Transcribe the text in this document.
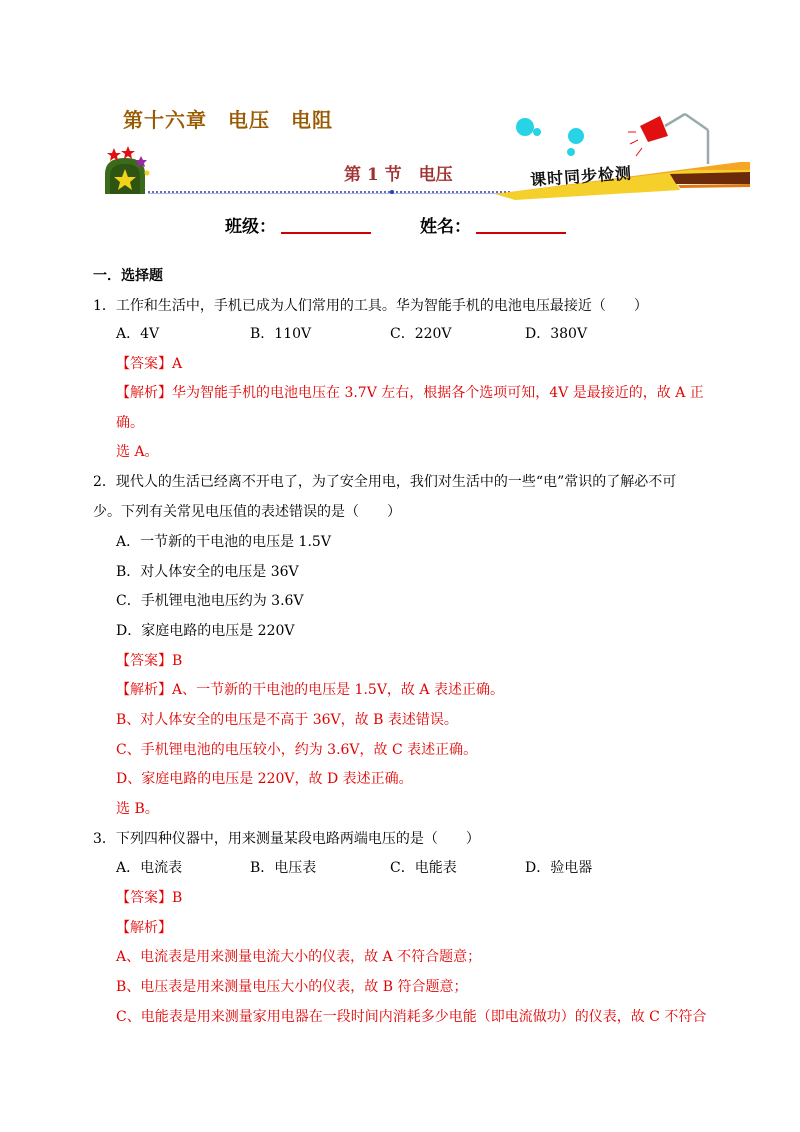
第十六章　电压　电阻
第 1 节　电压	课时同步检测
班级：	姓名：
一．选择题
1．工作和生活中，手机已成为人们常用的工具。华为智能手机的电池电压最接近（　　）
A．4V	B．110V	C．220V	D．380V
【答案】A
【解析】华为智能手机的电池电压在 3.7V 左右，根据各个选项可知，4V 是最接近的，故 A 正
确。
选 A。
2．现代人的生活已经离不开电了，为了安全用电，我们对生活中的一些“电”常识的了解必不可
少。下列有关常见电压值的表述错误的是（　　）
A．一节新的干电池的电压是 1.5V
B．对人体安全的电压是 36V
C．手机锂电池电压约为 3.6V
D．家庭电路的电压是 220V
【答案】B
【解析】A、一节新的干电池的电压是 1.5V，故 A 表述正确。
B、对人体安全的电压是不高于 36V，故 B 表述错误。
C、手机锂电池的电压较小，约为 3.6V，故 C 表述正确。
D、家庭电路的电压是 220V，故 D 表述正确。
选 B。
3．下列四种仪器中，用来测量某段电路两端电压的是（　　）
A．电流表	B．电压表	C．电能表	D．验电器
【答案】B
【解析】
A、电流表是用来测量电流大小的仪表，故 A 不符合题意；
B、电压表是用来测量电压大小的仪表，故 B 符合题意；
C、电能表是用来测量家用电器在一段时间内消耗多少电能（即电流做功）的仪表，故 C 不符合
